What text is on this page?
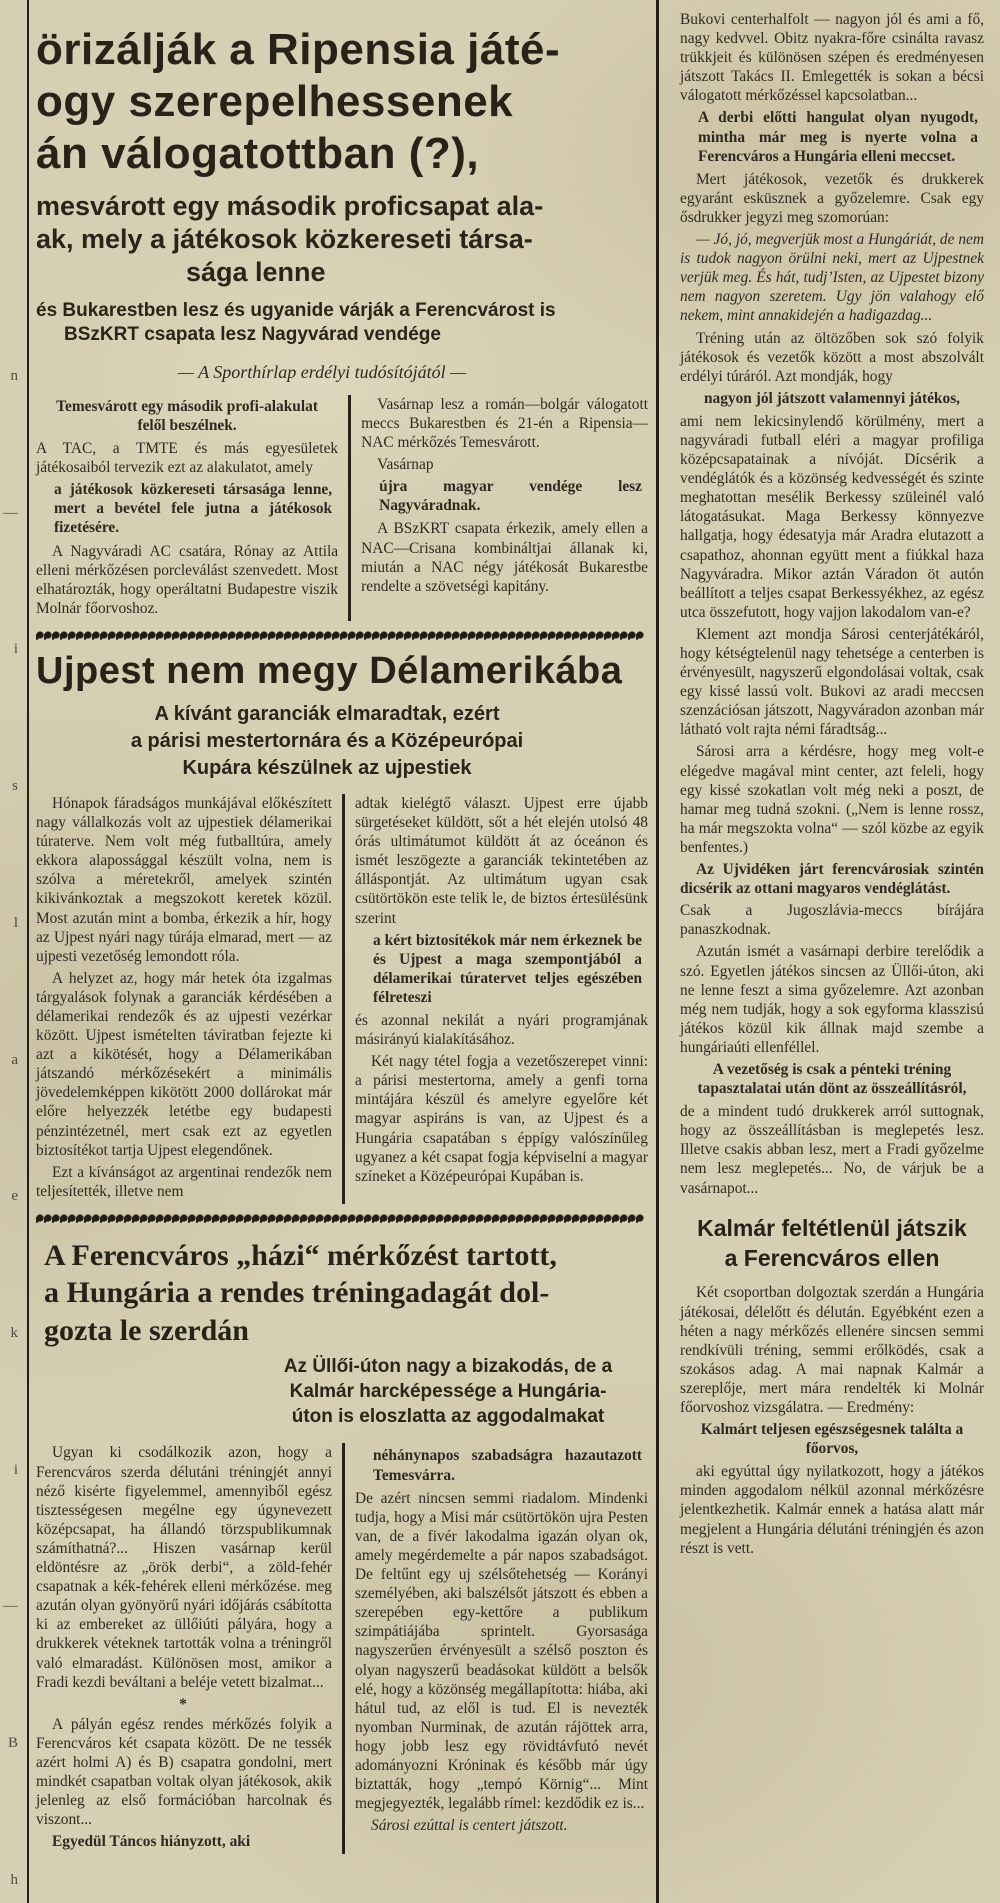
n
—
i
s
l
a
e
k
i
—
B
h
örizálják a Ripensia játé-
ogy szerepelhessenek
án válogatottban (?),
mesvárott egy második proficsapat ala-
ak, mely a játékosok közkereseti társa-
sága lenne
és Bukarestben lesz és ugyanide várják a Ferencvárost is
BSzKRT csapata lesz Nagyvárad vendége
— A Sporthírlap erdélyi tudósítójától —

Temesvárott egy második profi-alakulat felől beszélnek.

A TAC, a TMTE és más egyesületek játékosaiból tervezik ezt az alakulatot, amely

a játékosok közkereseti társasága lenne, mert a bevétel fele jutna a játékosok fizetésére.

A Nagyváradi AC csatára, Rónay az Attila elleni mérkőzésen porcleválást szenvedett. Most elhatározták, hogy operáltatni Budapestre viszik Molnár főorvoshoz.

Vasárnap lesz a román—bolgár válogatott meccs Bukarestben és 21-én a Ripensia—NAC mérkőzés Temesvárott.

Vasárnap

újra magyar vendége lesz Nagyváradnak.

A BSzKRT csapata érkezik, amely ellen a NAC—Crisana kombináltjai állanak ki, miután a NAC négy játékosát Bukarestbe rendelte a szövetségi kapitány.

Ujpest nem megy Délamerikába
A kívánt garanciák elmaradtak, ezért
a párisi mestertornára és a Középeurópai
Kupára készülnek az ujpestiek

Hónapok fáradságos munkájával előkészített nagy vállalkozás volt az ujpestiek délamerikai túraterve. Nem volt még futballtúra, amely ekkora alapossággal készült volna, nem is szólva a méretekről, amelyek szintén kikivánkoztak a megszokott keretek közül. Most azután mint a bomba, érkezik a hír, hogy az Ujpest nyári nagy túrája elmarad, mert — az ujpesti vezetőség lemondott róla.

A helyzet az, hogy már hetek óta izgalmas tárgyalások folynak a garanciák kérdésében a délamerikai rendezők és az ujpesti vezérkar között. Ujpest ismételten táviratban fejezte ki azt a kikötését, hogy a Délamerikában játszandó mérkőzésekért a minimális jövedelemképpen kikötött 2000 dollárokat már előre helyezzék letétbe egy budapesti pénzintézetnél, mert csak ezt az egyetlen biztosítékot tartja Ujpest elegendőnek.

Ezt a kívánságot az argentinai rendezők nem teljesítették, illetve nem

adtak kielégtő választ. Ujpest erre újabb sürgetéseket küldött, sőt a hét elején utolsó 48 órás ultimátumot küldött át az óceánon és ismét leszögezte a garanciák tekintetében az álláspontját. Az ultimátum ugyan csak csütörtökön este telik le, de biztos értesülésünk szerint

a kért biztosítékok már nem érkeznek be és Ujpest a maga szempontjából a délamerikai túratervet teljes egészében félreteszi

és azonnal nekilát a nyári programjának másirányú kialakításához.

Két nagy tétel fogja a vezetőszerepet vinni: a párisi mestertorna, amely a genfi torna mintájára készül és amelyre egyelőre két magyar aspiráns is van, az Ujpest és a Hungária csapatában s éppígy valószínűleg ugyanez a két csapat fogja képviselni a magyar színeket a Középeurópai Kupában is.

A Ferencváros „házi“ mérkőzést tartott,
a Hungária a rendes tréningadagát dol-
gozta le szerdán
Az Üllői-úton nagy a bizakodás, de a
Kalmár harcképessége a Hungária-
úton is eloszlatta az aggodalmakat

Ugyan ki csodálkozik azon, hogy a Ferencváros szerda délutáni tréningjét annyi néző kisérte figyelemmel, amennyiből egész tisztességesen megélne egy úgynevezett középcsapat, ha állandó törzspublikumnak számíthatná?... Hiszen vasárnap kerül eldöntésre az „örök derbi“, a zöld-fehér csapatnak a kék-fehérek elleni mérkőzése. meg azután olyan gyönyörű nyári időjárás csábította ki az embereket az üllőiúti pályára, hogy a drukkerek véteknek tartották volna a tréningről való elmaradást. Különösen most, amikor a Fradi kezdi beváltani a beléje vetett bizalmat...

*

A pályán egész rendes mérkőzés folyik a Ferencváros két csapata között. De ne tessék azért holmi A) és B) csapatra gondolni, mert mindkét csapatban voltak olyan játékosok, akik jelenleg az első formációban harcolnak és viszont...

Egyedül Táncos hiányzott, aki

néhánynapos szabadságra hazautazott Temesvárra.

De azért nincsen semmi riadalom. Mindenki tudja, hogy a Misi már csütörtökön ujra Pesten van, de a fivér lakodalma igazán olyan ok, amely megérdemelte a pár napos szabadságot. De feltűnt egy uj szélsőtehetség — Korányi személyében, aki balszélsőt játszott és ebben a szerepében egy-kettőre a publikum szimpátiájába sprintelt. Gyorsasága nagyszerűen érvényesült a szélső poszton és olyan nagyszerű beadásokat küldött a belsők elé, hogy a közönség megállapította: hiába, aki hátul tud, az elől is tud. El is nevezték nyomban Nurminak, de azután rájöttek arra, hogy jobb lesz egy rövidtávfutó nevét adományozni Króninak és később már úgy biztatták, hogy „tempó Körnig“... Mint megjegyezték, legalább rímel: kezdődik ez is...

Sárosi ezúttal is centert játszott.

Bukovi centerhalfolt — nagyon jól és ami a fő, nagy kedvvel. Obitz nyakra-főre csinálta ravasz trükkjeit és különösen szépen és eredményesen játszott Takács II. Emlegették is sokan a bécsi válogatott mérkőzéssel kapcsolatban...

A derbi előtti hangulat olyan nyugodt, mintha már meg is nyerte volna a Ferencváros a Hungária elleni meccset.

Mert játékosok, vezetők és drukkerek egyaránt esküsznek a győzelemre. Csak egy ősdrukker jegyzi meg szomorúan:

— Jó, jó, megverjük most a Hungáriát, de nem is tudok nagyon örülni neki, mert az Ujpestnek verjük meg. És hát, tudj’Isten, az Ujpestet bizony nem nagyon szeretem. Ugy jön valahogy elő nekem, mint annakidején a hadigazdag...

Tréning után az öltözőben sok szó folyik játékosok és vezetők között a most abszolvált erdélyi túráról. Azt mondják, hogy

nagyon jól játszott valamennyi játékos,

ami nem lekicsinylendő körülmény, mert a nagyváradi futball eléri a magyar profiliga középcsapatainak a nívóját. Dícsérik a vendéglátók és a közönség kedvességét és szinte meghatottan mesélik Berkessy szüleinél való látogatásukat. Maga Berkessy könnyezve hallgatja, hogy édesatyja már Aradra elutazott a csapathoz, ahonnan együtt ment a fiúkkal haza Nagyváradra. Mikor aztán Váradon öt autón beállított a teljes csapat Berkessyékhez, az egész utca összefutott, hogy vajjon lakodalom van-e?

Klement azt mondja Sárosi centerjátékáról, hogy kétségtelenül nagy tehetsége a centerben is érvényesült, nagyszerű elgondolásai voltak, csak egy kissé lassú volt. Bukovi az aradi meccsen szenzációsan játszott, Nagyváradon azonban már látható volt rajta némi fáradtság...

Sárosi arra a kérdésre, hogy meg volt-e elégedve magával mint center, azt feleli, hogy egy kissé szokatlan volt még neki a poszt, de hamar meg tudná szokni. („Nem is lenne rossz, ha már megszokta volna“ — szól közbe az egyik benfentes.)

Az Ujvidéken járt ferencvárosiak szintén dicsérik az ottani magyaros vendéglátást.

Csak a Jugoszlávia-meccs bírájára panaszkodnak.

Azután ismét a vasárnapi derbire terelődik a szó. Egyetlen játékos sincsen az Üllői-úton, aki ne lenne feszt a sima győzelemre. Azt azonban még nem tudják, hogy a sok egyforma klasszisú játékos közül kik állnak majd szembe a hungáriaúti ellenféllel.

A vezetőség is csak a pénteki tréning tapasztalatai után dönt az összeállításról,

de a mindent tudó drukkerek arról suttognak, hogy az összeállításban is meglepetés lesz. Illetve csakis abban lesz, mert a Fradi győzelme nem lesz meglepetés... No, de várjuk be a vasárnapot...

Kalmár feltétlenül játszik
a Ferencváros ellen

Két csoportban dolgoztak szerdán a Hungária játékosai, délelőtt és délután. Egyébként ezen a héten a nagy mérkőzés ellenére sincsen semmi rendkívüli tréning, semmi erőlködés, csak a szokásos adag. A mai napnak Kalmár a szereplője, mert mára rendelték ki Molnár főorvoshoz vizsgálatra. — Eredmény:

Kalmárt teljesen egészségesnek találta a főorvos,

aki egyúttal úgy nyilatkozott, hogy a játékos minden aggodalom nélkül azonnal mérkőzésre jelentkezhetik. Kalmár ennek a hatása alatt már megjelent a Hungária délutáni tréningjén és azon részt is vett.
